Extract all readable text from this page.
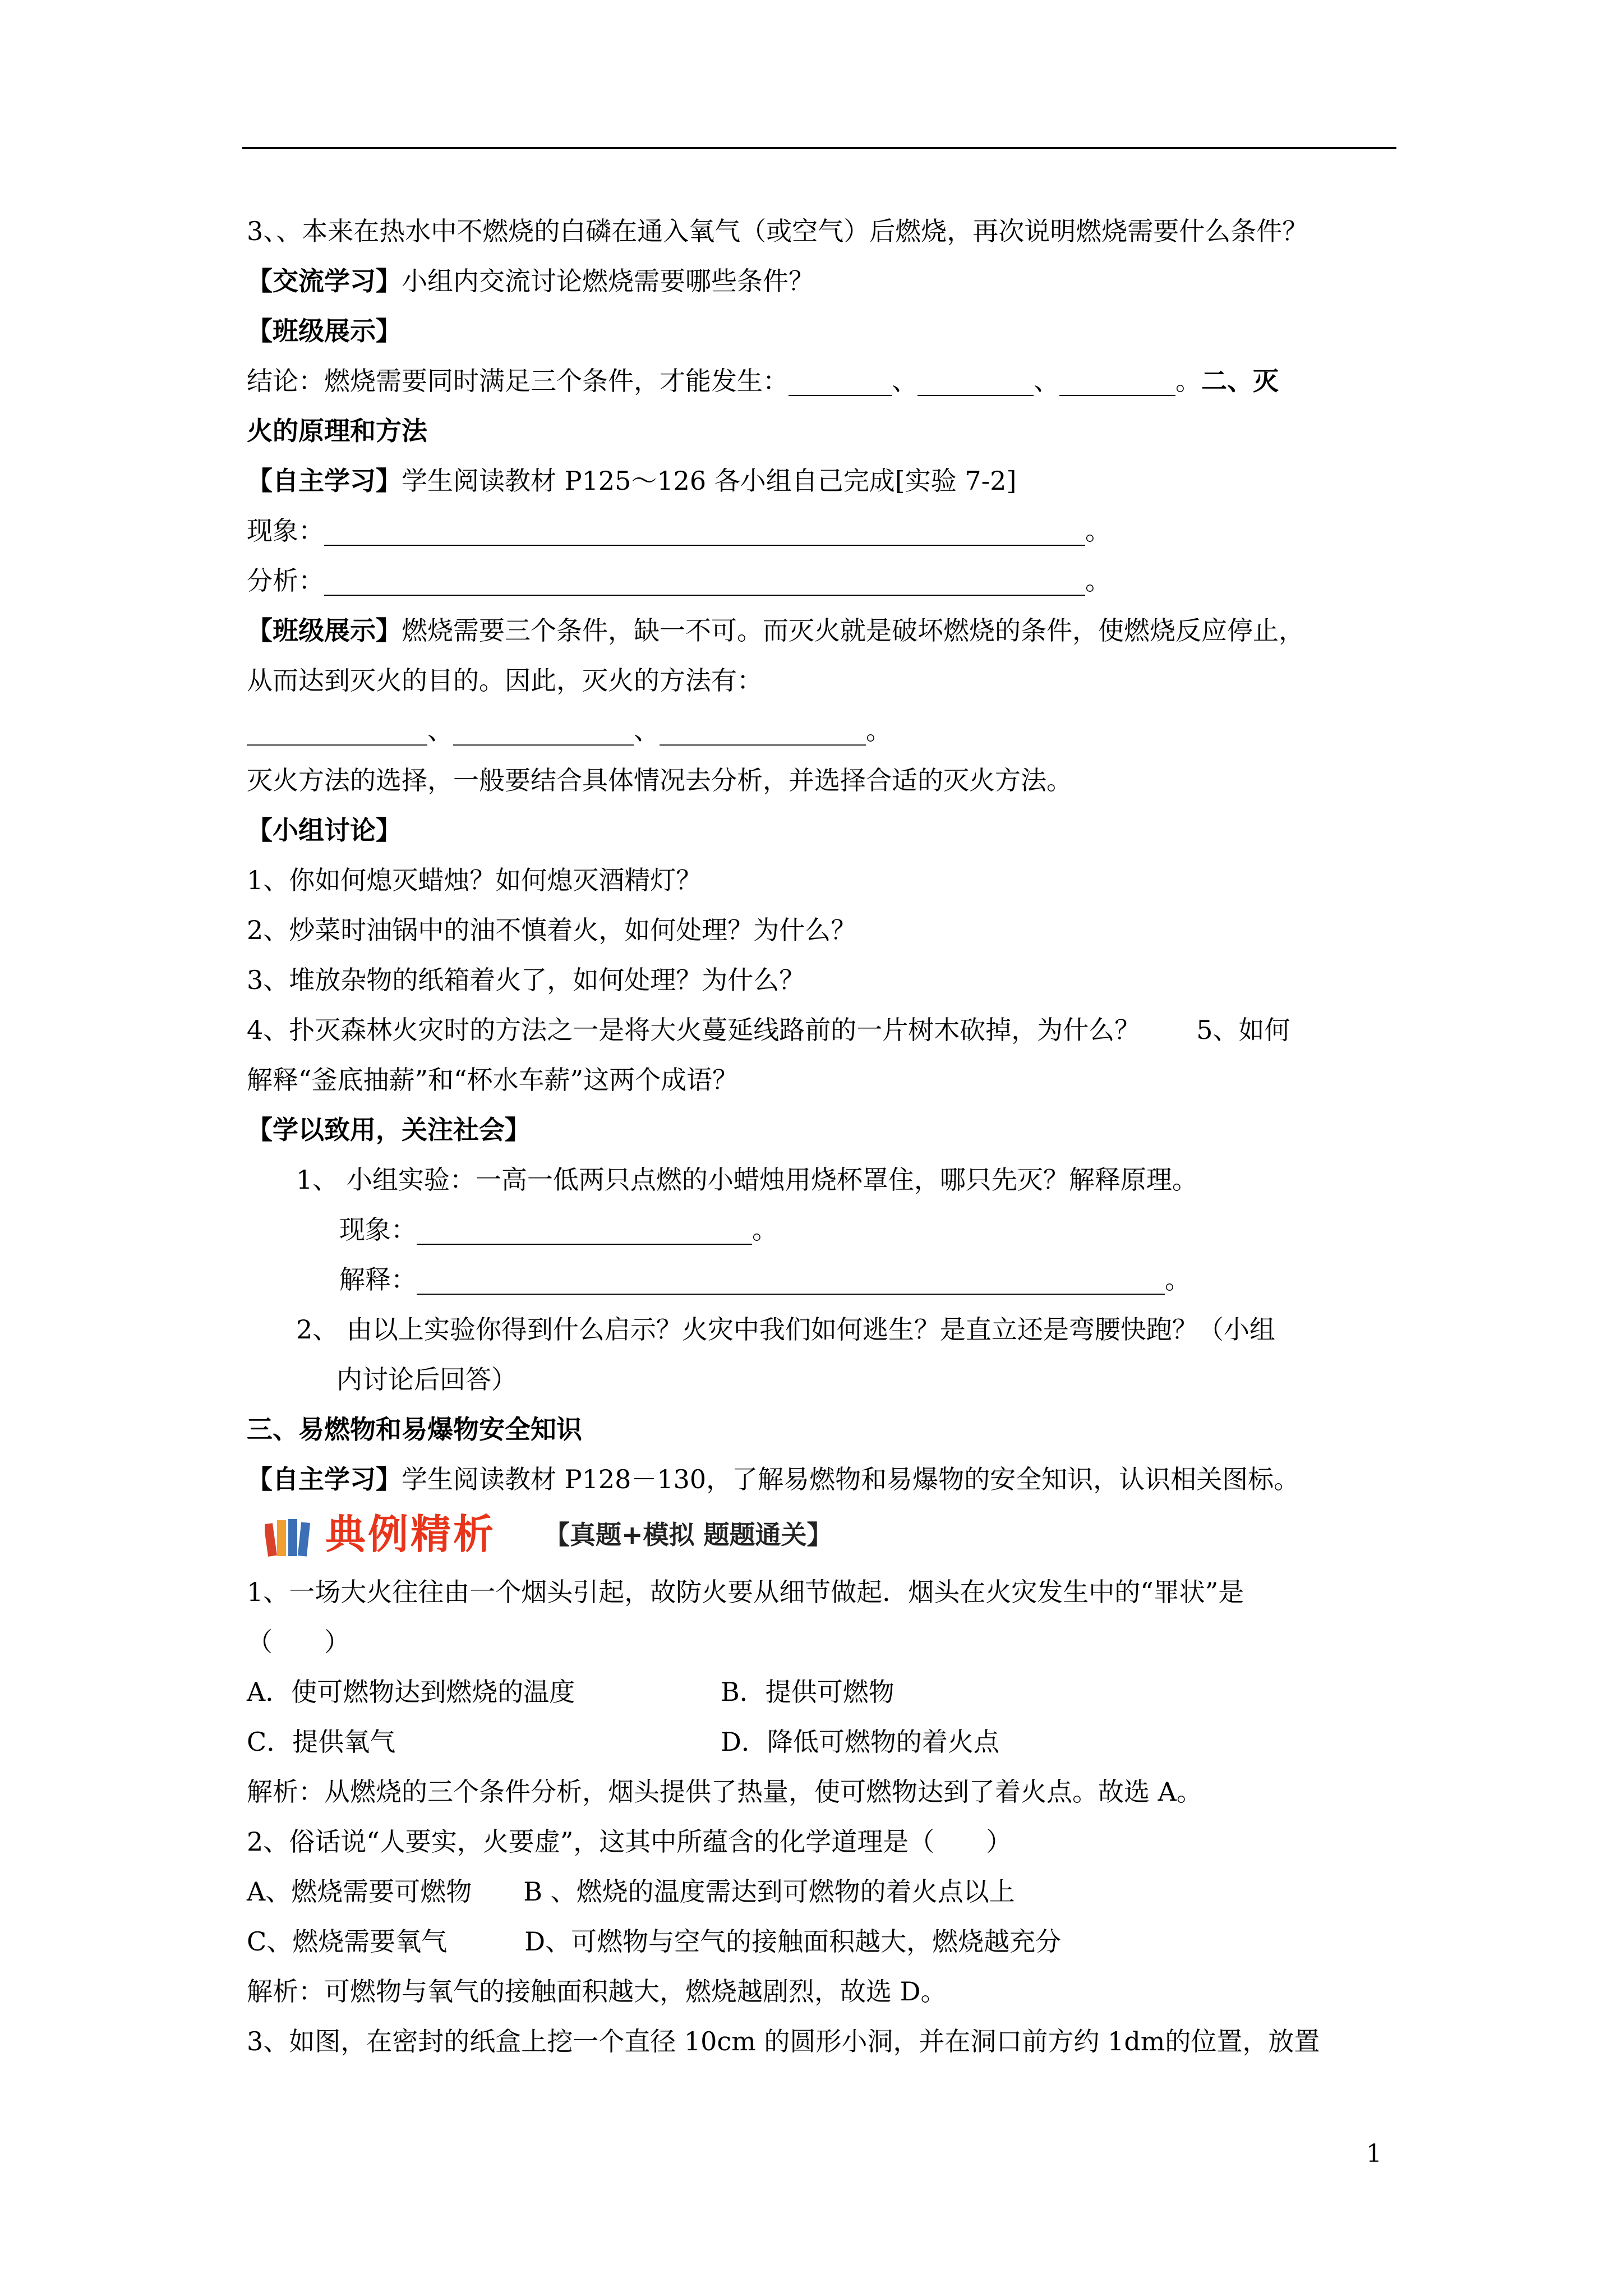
3、、本来在热水中不燃烧的白磷在通入氧气（或空气）后燃烧，再次说明燃烧需要什么条件？
【交流学习】小组内交流讨论燃烧需要哪些条件？
【班级展示】
结论：燃烧需要同时满足三个条件，才能发生：________、_________、_________。二、灭
火的原理和方法
【自主学习】学生阅读教材 P125～126 各小组自己完成[实验 7-2]
现象：___________________________________________________________。
分析：___________________________________________________________。
【班级展示】燃烧需要三个条件，缺一不可。而灭火就是破坏燃烧的条件，使燃烧反应停止，
从而达到灭火的目的。因此，灭火的方法有：
______________、______________、________________。
灭火方法的选择，一般要结合具体情况去分析，并选择合适的灭火方法。
【小组讨论】
1、你如何熄灭蜡烛？如何熄灭酒精灯？
2、炒菜时油锅中的油不慎着火，如何处理？为什么？
3、堆放杂物的纸箱着火了，如何处理？为什么？
4、扑灭森林火灾时的方法之一是将大火蔓延线路前的一片树木砍掉，为什么？ 5、如何
解释“釜底抽薪”和“杯水车薪”这两个成语？
【学以致用，关注社会】
1、 小组实验：一高一低两只点燃的小蜡烛用烧杯罩住，哪只先灭？解释原理。
现象：__________________________。
解释：__________________________________________________________。
2、 由以上实验你得到什么启示？火灾中我们如何逃生？是直立还是弯腰快跑？（小组
内讨论后回答）
三、易燃物和易爆物安全知识
【自主学习】学生阅读教材 P128－130，了解易燃物和易爆物的安全知识，认识相关图标。
典例精析 【真题+模拟 题题通关】
1、一场大火往往由一个烟头引起，故防火要从细节做起．烟头在火灾发生中的“罪状”是
（　　）
A．使可燃物达到燃烧的温度	B．提供可燃物
C．提供氧气	D．降低可燃物的着火点
解析：从燃烧的三个条件分析，烟头提供了热量，使可燃物达到了着火点。故选 A。
2、俗话说“人要实，火要虚”，这其中所蕴含的化学道理是（　　）
A、燃烧需要可燃物　　B 、燃烧的温度需达到可燃物的着火点以上
C、燃烧需要氧气　　　D、可燃物与空气的接触面积越大，燃烧越充分
解析：可燃物与氧气的接触面积越大，燃烧越剧烈，故选 D。
3、如图，在密封的纸盒上挖一个直径 10cm 的圆形小洞，并在洞口前方约 1dm的位置，放置
1
